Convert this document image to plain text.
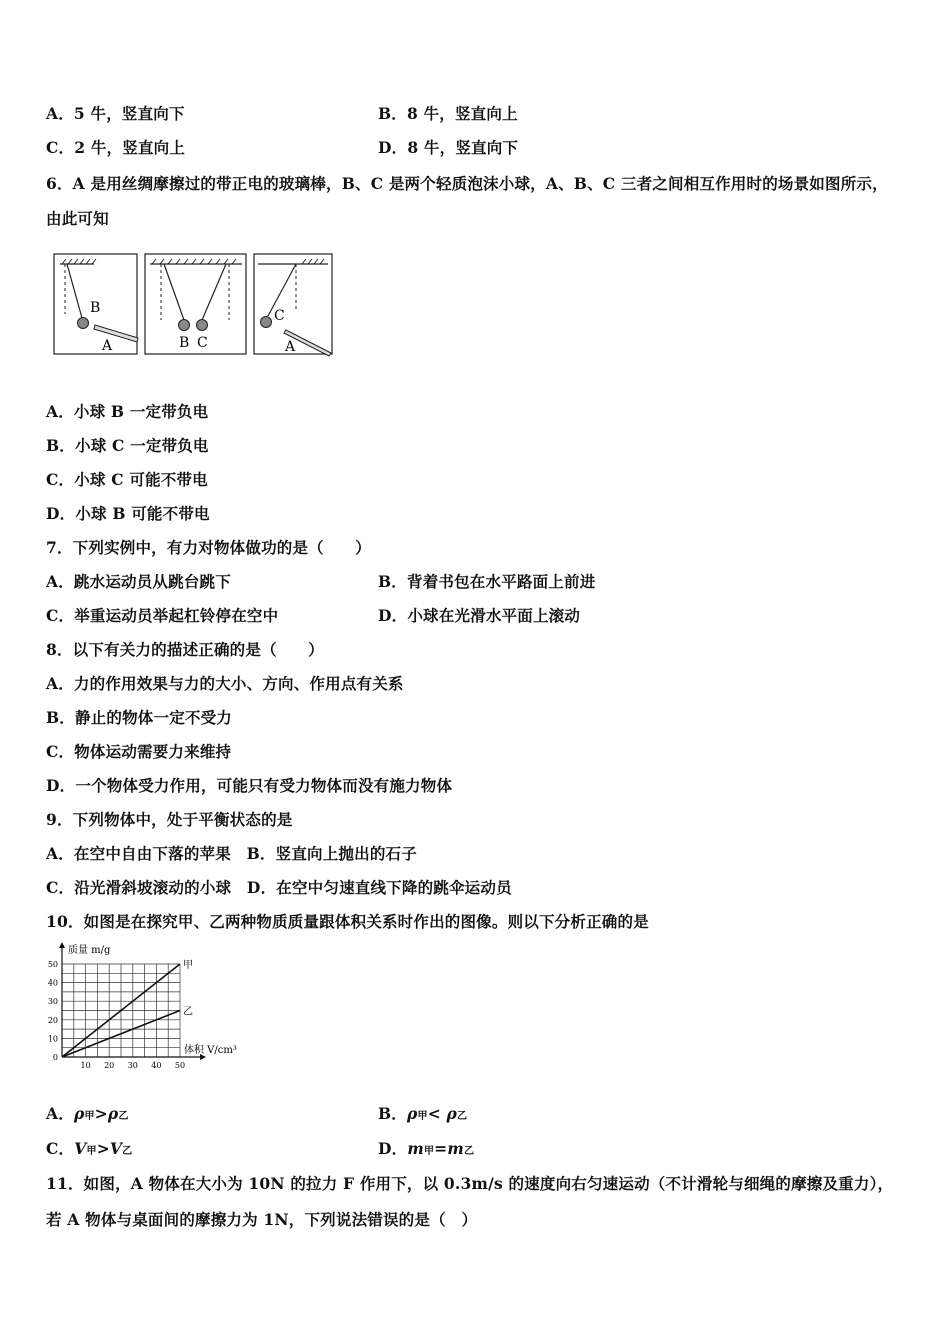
A．5 牛，竖直向下	B．8 牛，竖直向上
C．2 牛，竖直向上	D．8 牛，竖直向下
6．A 是用丝绸摩擦过的带正电的玻璃棒，B、C 是两个轻质泡沫小球，A、B、C 三者之间相互作用时的场景如图所示，
由此可知
B
A	B C
C
A
A．小球 B 一定带负电
B．小球 C 一定带负电
C．小球 C 可能不带电
D．小球 B 可能不带电
7．下列实例中，有力对物体做功的是（　　）
A．跳水运动员从跳台跳下	B．背着书包在水平路面上前进
C．举重运动员举起杠铃停在空中	D．小球在光滑水平面上滚动
8．以下有关力的描述正确的是（　　）
A．力的作用效果与力的大小、方向、作用点有关系
B．静止的物体一定不受力
C．物体运动需要力来维持
D．一个物体受力作用，可能只有受力物体而没有施力物体
9．下列物体中，处于平衡状态的是
A．在空中自由下落的苹果　B．竖直向上抛出的石子
C．沿光滑斜坡滚动的小球　D．在空中匀速直线下降的跳伞运动员
10．如图是在探究甲、乙两种物质质量跟体积关系时作出的图像。则以下分析正确的是
10 20 30 40 50
0
10
20
30
40
50	甲
乙
质量 m/g
体积 V/cm³
A．ρ甲>ρ乙	B．ρ甲< ρ乙
C．V甲>V乙	D．m甲=m乙
11．如图，A 物体在大小为 10N 的拉力 F 作用下，以 0.3m/s 的速度向右匀速运动（不计滑轮与细绳的摩擦及重力），
若 A 物体与桌面间的摩擦力为 1N，下列说法错误的是（　）
